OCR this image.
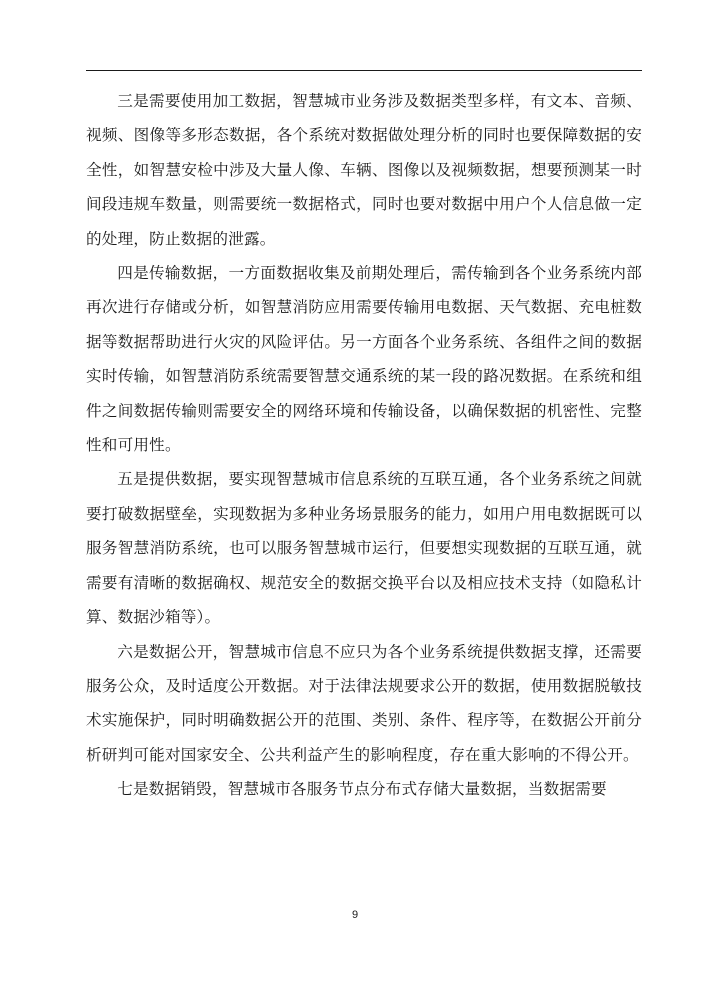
三是需要使用加工数据，智慧城市业务涉及数据类型多样，有文本、音频、视频、图像等多形态数据，各个系统对数据做处理分析的同时也要保障数据的安全性，如智慧安检中涉及大量人像、车辆、图像以及视频数据，想要预测某一时间段违规车数量，则需要统一数据格式，同时也要对数据中用户个人信息做一定的处理，防止数据的泄露。

四是传输数据，一方面数据收集及前期处理后，需传输到各个业务系统内部再次进行存储或分析，如智慧消防应用需要传输用电数据、天气数据、充电桩数据等数据帮助进行火灾的风险评估。另一方面各个业务系统、各组件之间的数据实时传输，如智慧消防系统需要智慧交通系统的某一段的路况数据。在系统和组件之间数据传输则需要安全的网络环境和传输设备，以确保数据的机密性、完整性和可用性。

五是提供数据，要实现智慧城市信息系统的互联互通，各个业务系统之间就要打破数据壁垒，实现数据为多种业务场景服务的能力，如用户用电数据既可以服务智慧消防系统，也可以服务智慧城市运行，但要想实现数据的互联互通，就需要有清晰的数据确权、规范安全的数据交换平台以及相应技术支持（如隐私计算、数据沙箱等）。

六是数据公开，智慧城市信息不应只为各个业务系统提供数据支撑，还需要服务公众，及时适度公开数据。对于法律法规要求公开的数据，使用数据脱敏技术实施保护，同时明确数据公开的范围、类别、条件、程序等，在数据公开前分析研判可能对国家安全、公共利益产生的影响程度，存在重大影响的不得公开。

七是数据销毁，智慧城市各服务节点分布式存储大量数据，当数据需要

9
